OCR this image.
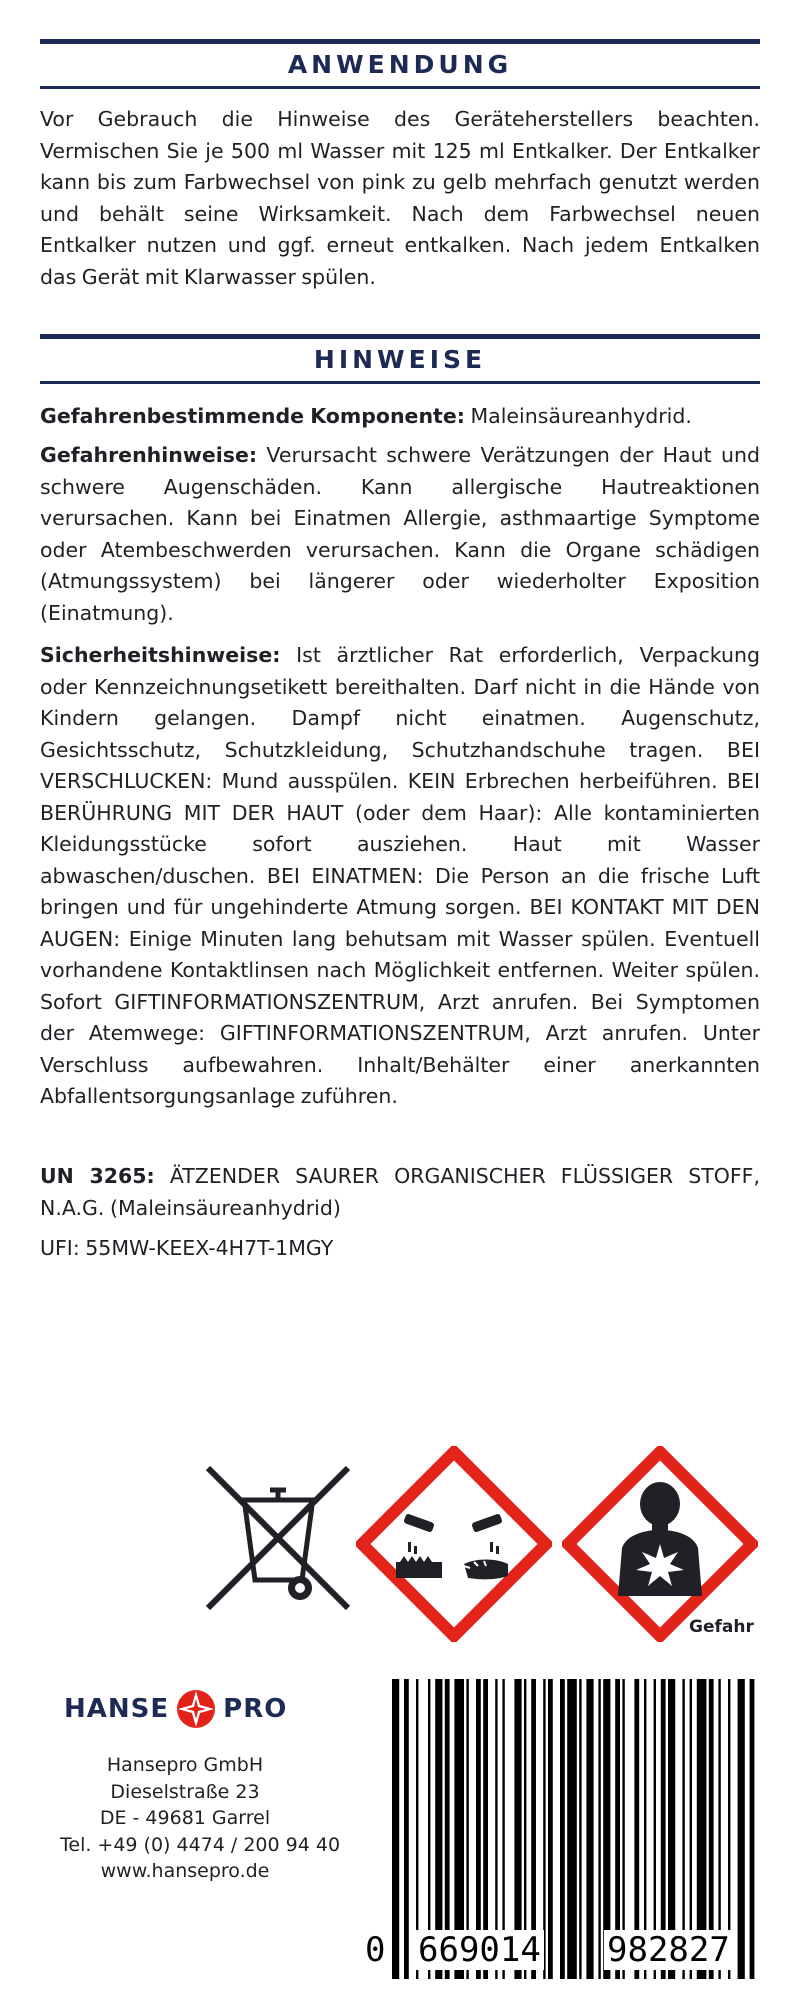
ANWENDUNG

Vor Gebrauch die Hinweise des Geräteherstellers beachten. Vermischen Sie je 500 ml Wasser mit 125 ml Entkalker. Der Entkalker kann bis zum Farbwechsel von pink zu gelb mehrfach genutzt werden und behält seine Wirksamkeit. Nach dem Farbwechsel neuen Entkalker nutzen und ggf. erneut entkalken. Nach jedem Entkalken das Gerät mit Klarwasser spülen.

HINWEISE

Gefahrenbestimmende Komponente: Maleinsäureanhydrid.

Gefahrenhinweise: Verursacht schwere Verätzungen der Haut und schwere Augenschäden. Kann allergische Hautreaktionen verursachen. Kann bei Einatmen Allergie, asthmaartige Symptome oder Atembeschwerden verursachen. Kann die Organe schädigen (Atmungssystem) bei längerer oder wiederholter Exposition (Einatmung).

Sicherheitshinweise: Ist ärztlicher Rat erforderlich, Verpackung oder Kennzeichnungsetikett bereithalten. Darf nicht in die Hände von Kindern gelangen. Dampf nicht einatmen. Augenschutz, Gesichtsschutz, Schutzkleidung, Schutzhandschuhe tragen. BEI VERSCHLUCKEN: Mund ausspülen. KEIN Erbrechen herbeiführen. BEI BERÜHRUNG MIT DER HAUT (oder dem Haar): Alle kontaminierten Kleidungsstücke sofort ausziehen. Haut mit Wasser abwaschen/duschen. BEI EINATMEN: Die Person an die frische Luft bringen und für ungehinderte Atmung sorgen. BEI KONTAKT MIT DEN AUGEN: Einige Minuten lang behutsam mit Wasser spülen. Eventuell vorhandene Kontaktlinsen nach Möglichkeit entfernen. Weiter spülen. Sofort GIFTINFORMATIONSZENTRUM, Arzt anrufen. Bei Symptomen der Atemwege: GIFTINFORMATIONSZENTRUM, Arzt anrufen. Unter Verschluss aufbewahren. Inhalt/Behälter einer anerkannten Abfallentsorgungsanlage zuführen.

UN 3265: ÄTZENDER SAURER ORGANISCHER FLÜSSIGER STOFF, N.A.G. (Maleinsäureanhydrid)

UFI: 55MW-KEEX-4H7T-1MGY

Gefahr
HANSE PRO
Hansepro GmbH
Dieselstraße 23
DE - 49681 Garrel
Tel. +49 (0) 4474 / 200 94 40
www.hansepro.de
0 669014 982827
